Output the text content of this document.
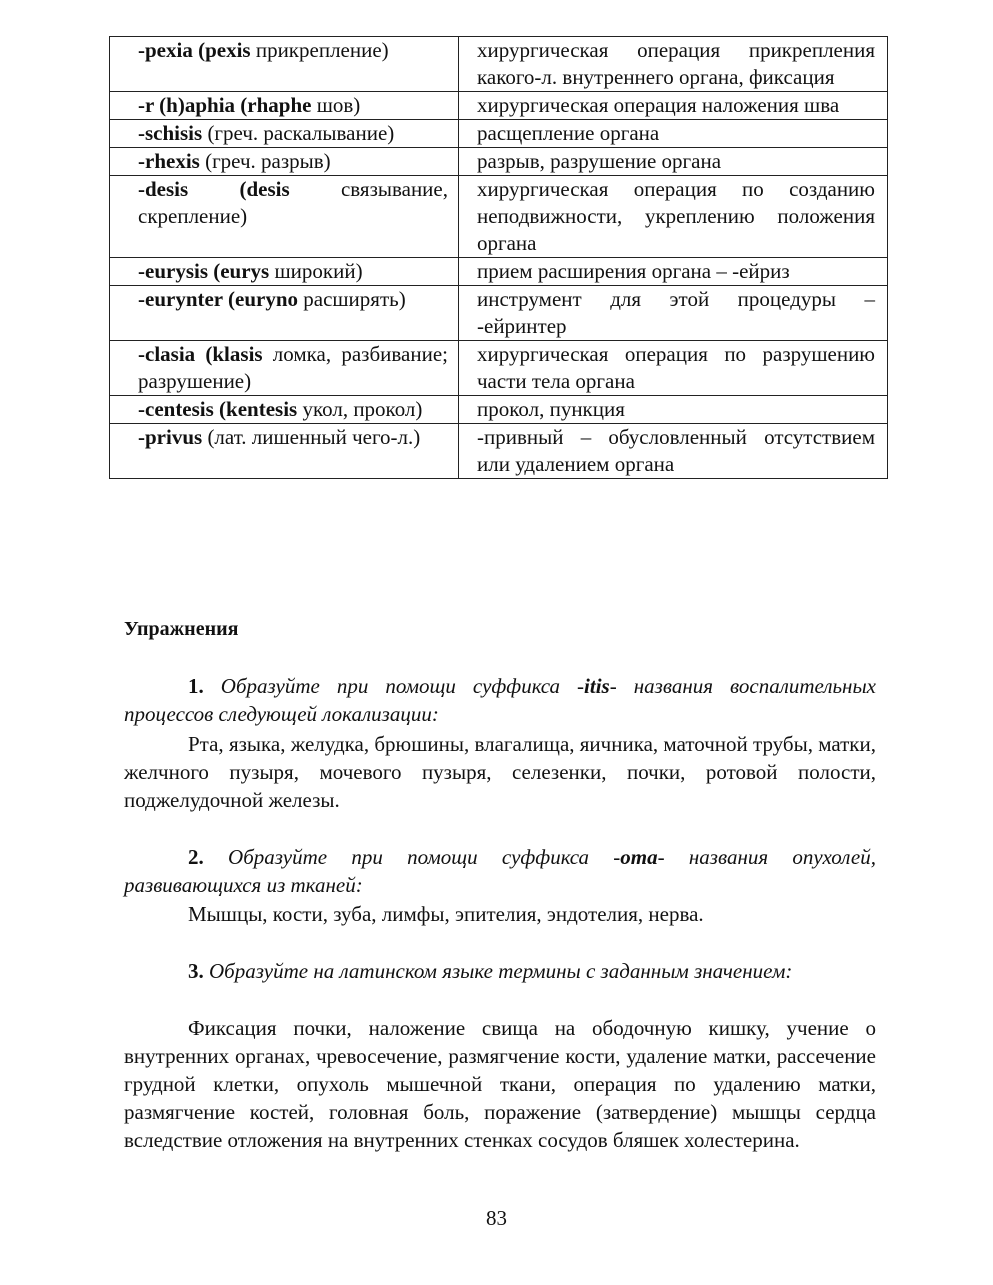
-pexia (pexis прикрепление)	хирургическая операция прикрепления какого-л. внутреннего органа, фиксация
-r (h)aphia (rhaphe шов)	хирургическая операция наложения шва
-schisis (греч. раскалывание)	расщепление органа
-rhexis (греч. разрыв)	разрыв, разрушение органа
-desis (desis связывание, скрепление)	хирургическая операция по созданию неподвижности, укреплению положения органа
-eurysis (eurys широкий)	прием расширения органа – -ейриз
-eurynter (euryno расширять)	инструмент для этой процедуры – -ейринтер
-clasia (klasis ломка, разбивание; разрушение)	хирургическая операция по разрушению части тела органа
-centesis (kentesis укол, прокол)	прокол, пункция
-privus (лат. лишенный чего-л.)	-привный – обусловленный отсутствием или удалением органа
Упражнения

1. Образуйте при помощи суффикса -itis- названия воспалительных процессов следующей локализации:

Рта, языка, желудка, брюшины, влагалища, яичника, маточной трубы, матки, желчного пузыря, мочевого пузыря, селезенки, почки, ротовой полости, поджелудочной железы.

2. Образуйте при помощи суффикса -oma- названия опухолей, развивающихся из тканей:

Мышцы, кости, зуба, лимфы, эпителия, эндотелия, нерва.

3. Образуйте на латинском языке термины с заданным значением:

Фиксация почки, наложение свища на ободочную кишку, учение о внутренних органах, чревосечение, размягчение кости, удаление матки, рассечение грудной клетки, опухоль мышечной ткани, операция по удалению матки, размягчение костей, головная боль, поражение (затвердение) мышцы сердца вследствие отложения на внутренних стенках сосудов бляшек холестерина.

83
